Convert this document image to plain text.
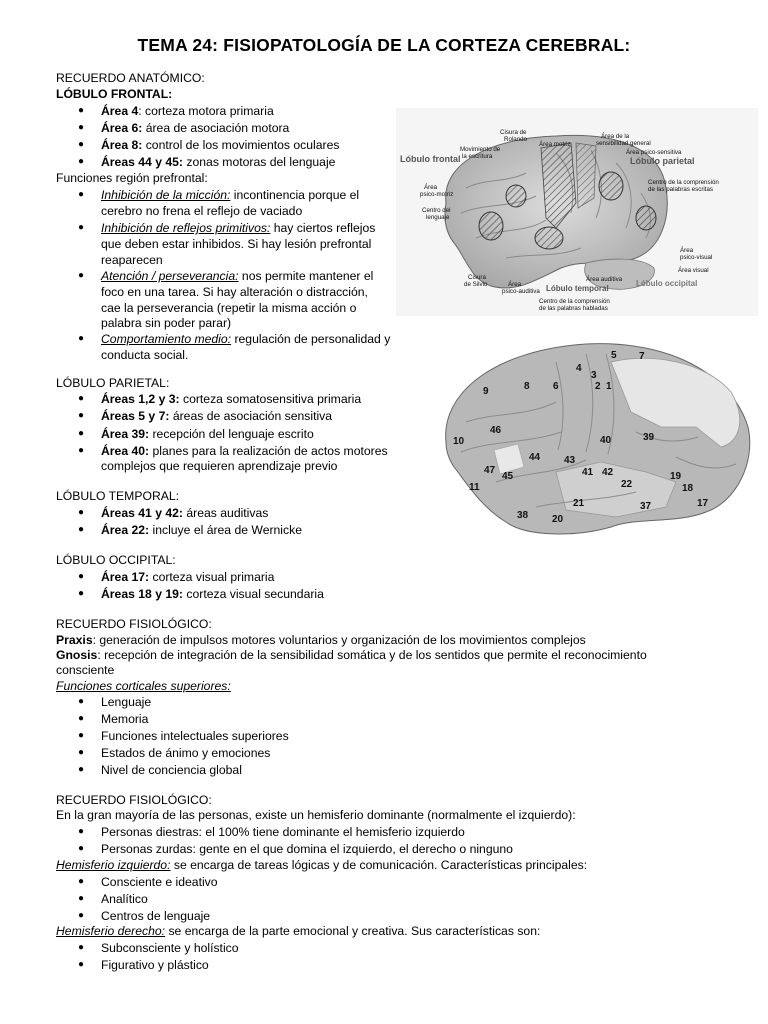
TEMA 24: FISIOPATOLOGÍA DE LA CORTEZA CEREBRAL:
RECUERDO ANATÓMICO:
LÓBULO FRONTAL:
● Área 4: corteza motora primaria
● Área 6: área de asociación motora
● Área 8: control de los movimientos oculares
● Áreas 44 y 45: zonas motoras del lenguaje
Funciones región prefrontal:
● Inhibición de la micción: incontinencia porque el
cerebro no frena el reflejo de vaciado
● Inhibición de reflejos primitivos: hay ciertos reflejos
que deben estar inhibidos. Si hay lesión prefrontal
reaparecen
● Atención / perseverancia: nos permite mantener el
foco en una tarea. Si hay alteración o distracción,
cae la perseverancia (repetir la misma acción o
palabra sin poder parar)
● Comportamiento medio: regulación de personalidad y
conducta social.
LÓBULO PARIETAL:
● Áreas 1,2 y 3: corteza somatosensitiva primaria
● Áreas 5 y 7: áreas de asociación sensitiva
● Área 39: recepción del lenguaje escrito
● Área 40: planes para la realización de actos motores
complejos que requieren aprendizaje previo
LÓBULO TEMPORAL:
● Áreas 41 y 42: áreas auditivas
● Área 22: incluye el área de Wernicke
LÓBULO OCCIPITAL:
● Área 17: corteza visual primaria
● Áreas 18 y 19: corteza visual secundaria
RECUERDO FISIOLÓGICO:
Praxis: generación de impulsos motores voluntarios y organización de los movimientos complejos
Gnosis: recepción de integración de la sensibilidad somática y de los sentidos que permite el reconocimiento
consciente
Funciones corticales superiores:
● Lenguaje
● Memoria
● Funciones intelectuales superiores
● Estados de ánimo y emociones
● Nivel de conciencia global
RECUERDO FISIOLÓGICO:
En la gran mayoría de las personas, existe un hemisferio dominante (normalmente el izquierdo):
● Personas diestras: el 100% tiene dominante el hemisferio izquierdo
● Personas zurdas: gente en el que domina el izquierdo, el derecho o ninguno
Hemisferio izquierdo: se encarga de tareas lógicas y de comunicación. Características principales:
● Consciente e ideativo
● Analítico
● Centros de lenguaje
Hemisferio derecho: se encarga de la parte emocional y creativa. Sus características son:
● Subconsciente y holístico
● Figurativo y plástico
Cisura de
Rolando
Movimiento de
la escritura
Área motriz
Área de la
sensibilidad general
Área psico-sensitiva
Lóbulo frontal	Lóbulo parietal
Área
psico-motriz
Centro del
lenguaje
Centro de la comprensión
de las palabras escritas
Área
psico-visual
Área visual
Área auditiva Lóbulo occipital
Cisura
de Silvio	Área
psico-auditiva Lóbulo temporal
Centro de la comprensión
de las palabras habladas
5 7
4
3
9	8 6	2 1
46
10	40	39
44 43
47
45	41 42
11	22
19
18
38
21	37	17
20
